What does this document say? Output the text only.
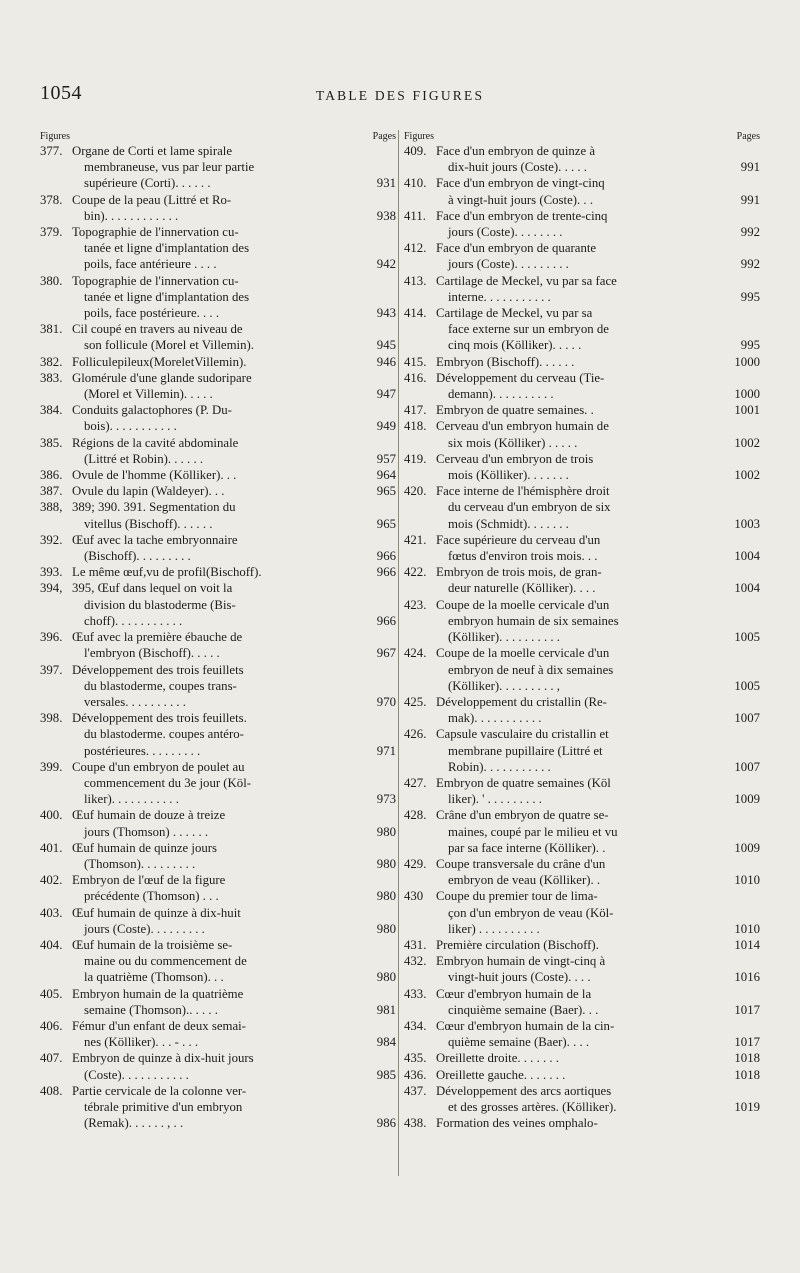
1054	TABLE DES FIGURES
Figures	Pages
377. Organe de Corti et lame spirale
membraneuse, vus par leur partie
supérieure (Corti). . . . . .	931
378. Coupe de la peau (Littré et Ro-
bin). . . . . . . . . . . .	938
379. Topographie de l'innervation cu-
tanée et ligne d'implantation des
poils, face antérieure . . . .	942
380. Topographie de l'innervation cu-
tanée et ligne d'implantation des
poils, face postérieure. . . .	943
381. Cil coupé en travers au niveau de
son follicule (Morel et Villemin).	945
382. Folliculepileux(MoreletVillemin).	946
383. Glomérule d'une glande sudoripare
(Morel et Villemin). . . . .	947
384. Conduits galactophores (P. Du-
bois). . . . . . . . . . .	949
385. Régions de la cavité abdominale
(Littré et Robin). . . . . .	957
386. Ovule de l'homme (Kölliker). . .	964
387. Ovule du lapin (Waldeyer). . .	965
388, 389; 390. 391. Segmentation du
vitellus (Bischoff). . . . . .	965
392. Œuf avec la tache embryonnaire
(Bischoff). . . . . . . . .	966
393. Le même œuf,vu de profil(Bischoff).	966
394, 395, Œuf dans lequel on voit la
division du blastoderme (Bis-
choff). . . . . . . . . . .	966
396. Œuf avec la première ébauche de
l'embryon (Bischoff). . . . .	967
397. Développement des trois feuillets
du blastoderme, coupes trans-
versales. . . . . . . . . .	970
398. Développement des trois feuillets.
du blastoderme. coupes antéro-
postérieures. . . . . . . . .	971
399. Coupe d'un embryon de poulet au
commencement du 3e jour (Köl-
liker). . . . . . . . . . .	973
400. Œuf humain de douze à treize
jours (Thomson) . . . . . .	980
401. Œuf humain de quinze jours
(Thomson). . . . . . . . .	980
402. Embryon de l'œuf de la figure
précédente (Thomson) . . .	980
403. Œuf humain de quinze à dix-huit
jours (Coste). . . . . . . . .	980
404. Œuf humain de la troisième se-
maine ou du commencement de
la quatrième (Thomson). . .	980
405. Embryon humain de la quatrième
semaine (Thomson).. . . . .	981
406. Fémur d'un enfant de deux semai-
nes (Kölliker). . . - . . .	984
407. Embryon de quinze à dix-huit jours
(Coste). . . . . . . . . . .	985
408. Partie cervicale de la colonne ver-
tébrale primitive d'un embryon
(Remak). . . . . . , . .	986
Figures	Pages
409. Face d'un embryon de quinze à
dix-huit jours (Coste). . . . .	991
410. Face d'un embryon de vingt-cinq
à vingt-huit jours (Coste). . .	991
411. Face d'un embryon de trente-cinq
jours (Coste). . . . . . . .	992
412. Face d'un embryon de quarante
jours (Coste). . . . . . . . .	992
413. Cartilage de Meckel, vu par sa face
interne. . . . . . . . . . .	995
414. Cartilage de Meckel, vu par sa
face externe sur un embryon de
cinq mois (Kölliker). . . . .	995
415. Embryon (Bischoff). . . . . .	1000
416. Développement du cerveau (Tie-
demann). . . . . . . . . .	1000
417. Embryon de quatre semaines. .	1001
418. Cerveau d'un embryon humain de
six mois (Kölliker) . . . . .	1002
419. Cerveau d'un embryon de trois
mois (Kölliker). . . . . . .	1002
420. Face interne de l'hémisphère droit
du cerveau d'un embryon de six
mois (Schmidt). . . . . . .	1003
421. Face supérieure du cerveau d'un
fœtus d'environ trois mois. . .	1004
422. Embryon de trois mois, de gran-
deur naturelle (Kölliker). . . .	1004
423. Coupe de la moelle cervicale d'un
embryon humain de six semaines
(Kölliker). . . . . . . . . .	1005
424. Coupe de la moelle cervicale d'un
embryon de neuf à dix semaines
(Kölliker). . . . . . . . . ,	1005
425. Développement du cristallin (Re-
mak). . . . . . . . . . .	1007
426. Capsule vasculaire du cristallin et
membrane pupillaire (Littré et
Robin). . . . . . . . . . .	1007
427. Embryon de quatre semaines (Köl
liker). ' . . . . . . . . .	1009
428. Crâne d'un embryon de quatre se-
maines, coupé par le milieu et vu
par sa face interne (Kölliker). .	1009
429. Coupe transversale du crâne d'un
embryon de veau (Kölliker). .	1010
430 Coupe du premier tour de lima-
çon d'un embryon de veau (Köl-
liker) . . . . . . . . . .	1010
431. Première circulation (Bischoff).	1014
432. Embryon humain de vingt-cinq à
vingt-huit jours (Coste). . . .	1016
433. Cœur d'embryon humain de la
cinquième semaine (Baer). . .	1017
434. Cœur d'embryon humain de la cin-
quième semaine (Baer). . . .	1017
435. Oreillette droite. . . . . . .	1018
436. Oreillette gauche. . . . . . .	1018
437. Développement des arcs aortiques
et des grosses artères. (Kölliker).	1019
438. Formation des veines omphalo-
